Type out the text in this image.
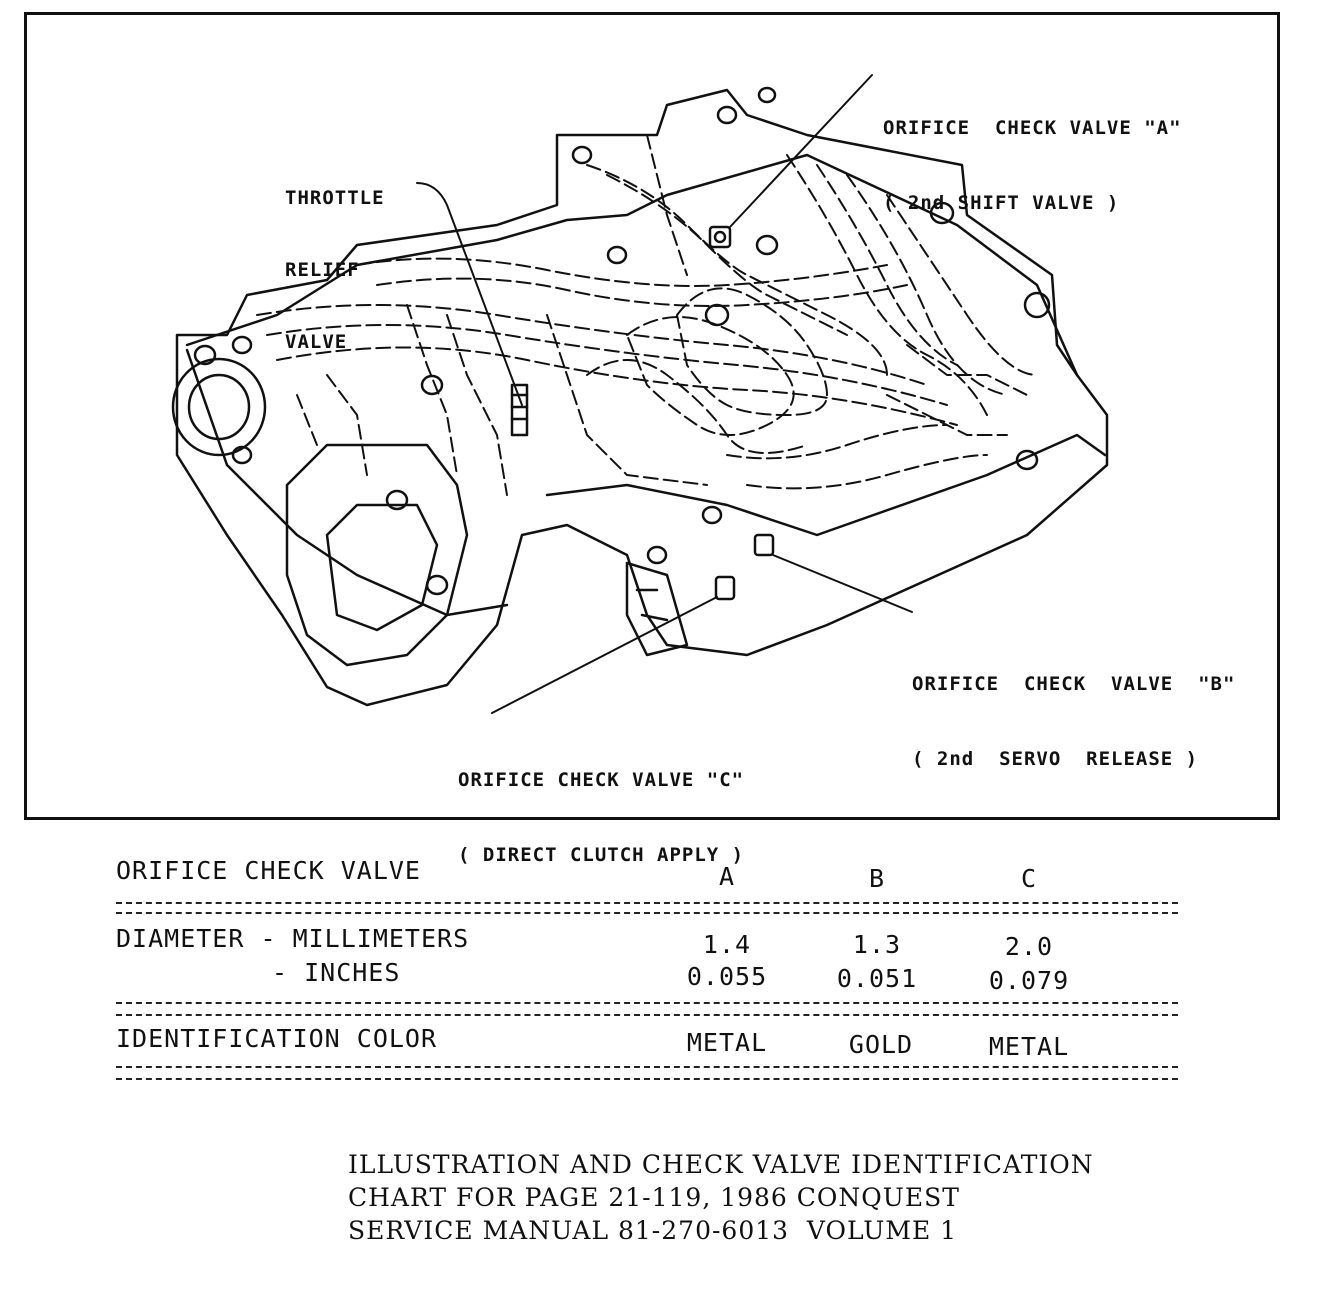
ORIFICE  CHECK VALVE "A"

( 2nd SHIFT VALVE )

THROTTLE

RELIEF

VALVE

ORIFICE  CHECK  VALVE  "B"

( 2nd  SERVO  RELEASE )

ORIFICE CHECK VALVE "C"

( DIRECT CLUTCH APPLY )

ORIFICE CHECK VALVE	A	B	C
DIAMETER - MILLIMETERS	1.4	1.3	2.0
- INCHES	0.055	0.051	0.079
IDENTIFICATION COLOR	METAL	GOLD	METAL
ILLUSTRATION AND CHECK VALVE IDENTIFICATION
CHART FOR PAGE 21-119, 1986 CONQUEST
SERVICE MANUAL 81-270-6013  VOLUME 1
